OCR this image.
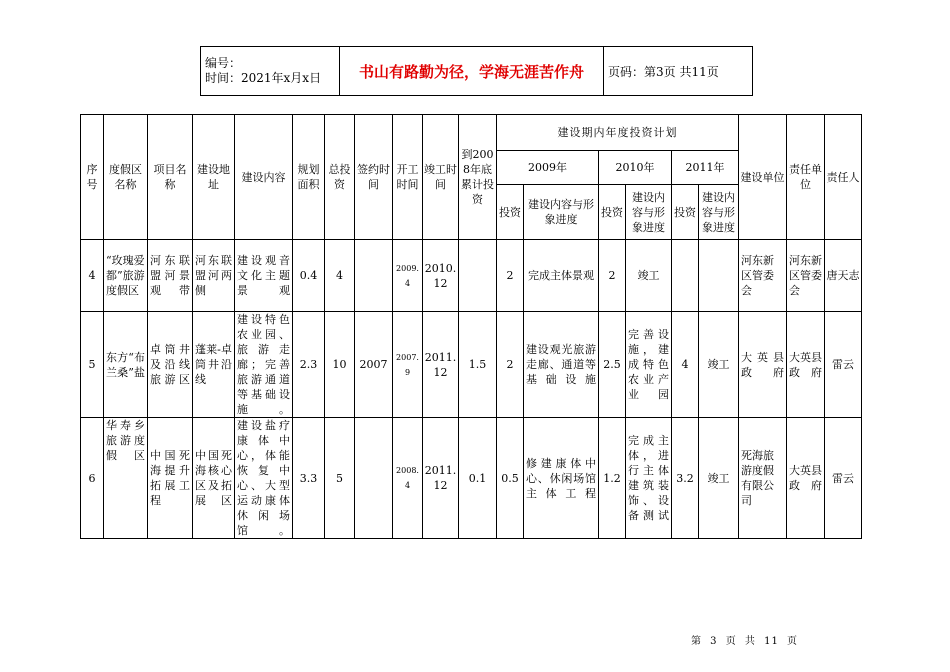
编号：
时间：2021年x月x日	书山有路勤为径，学海无涯苦作舟	页码：第3页 共11页
序号	度假区名称	项目名称	建设地址	建设内容	规划面积	总投资	签约时间	开工时间	竣工时间	到2008年底累计投资	建设期内年度投资计划						建设单位	责任单位	责任人
											2009年		2010年		2011年				
											投资	建设内容与形象进度	投资	建设内容与形象进度	投资	建设内容与形象进度			
4	“玫瑰爱都”旅游度假区	河东联盟河景观带	河东联盟河两侧	建设观音文化主题景观	0.4	4		2009.4	2010.12		2	完成主体景观	2	竣工			河东新区管委会	河东新区管委会	唐天志
5	东方“布兰桑”盐	卓筒井及沿线旅游区	蓬莱-卓筒井沿线	建设特色农业园、旅游走廊；完善旅游通道等基础设施。	2.3	10	2007	2007.9	2011.12	1.5	2	建设观光旅游走廊、通道等基础设施	2.5	完善设施，建成特色农业产业园	4	竣工	大英县政府	大英县政府	雷云
6	华寿乡旅游度假区	中国死海提升拓展工程	中国死海核心区及拓展区	建设盐疗康体中心，体能恢复中心、大型运动康体休闲场馆。	3.3	5		2008.4	2011.12	0.1	0.5	修建康体中心、休闲场馆主体工程	1.2	完成主体，进行主体建筑装饰、设备测试	3.2	竣工	死海旅游度假有限公司	大英县政府	雷云
第 3 页 共 11 页
